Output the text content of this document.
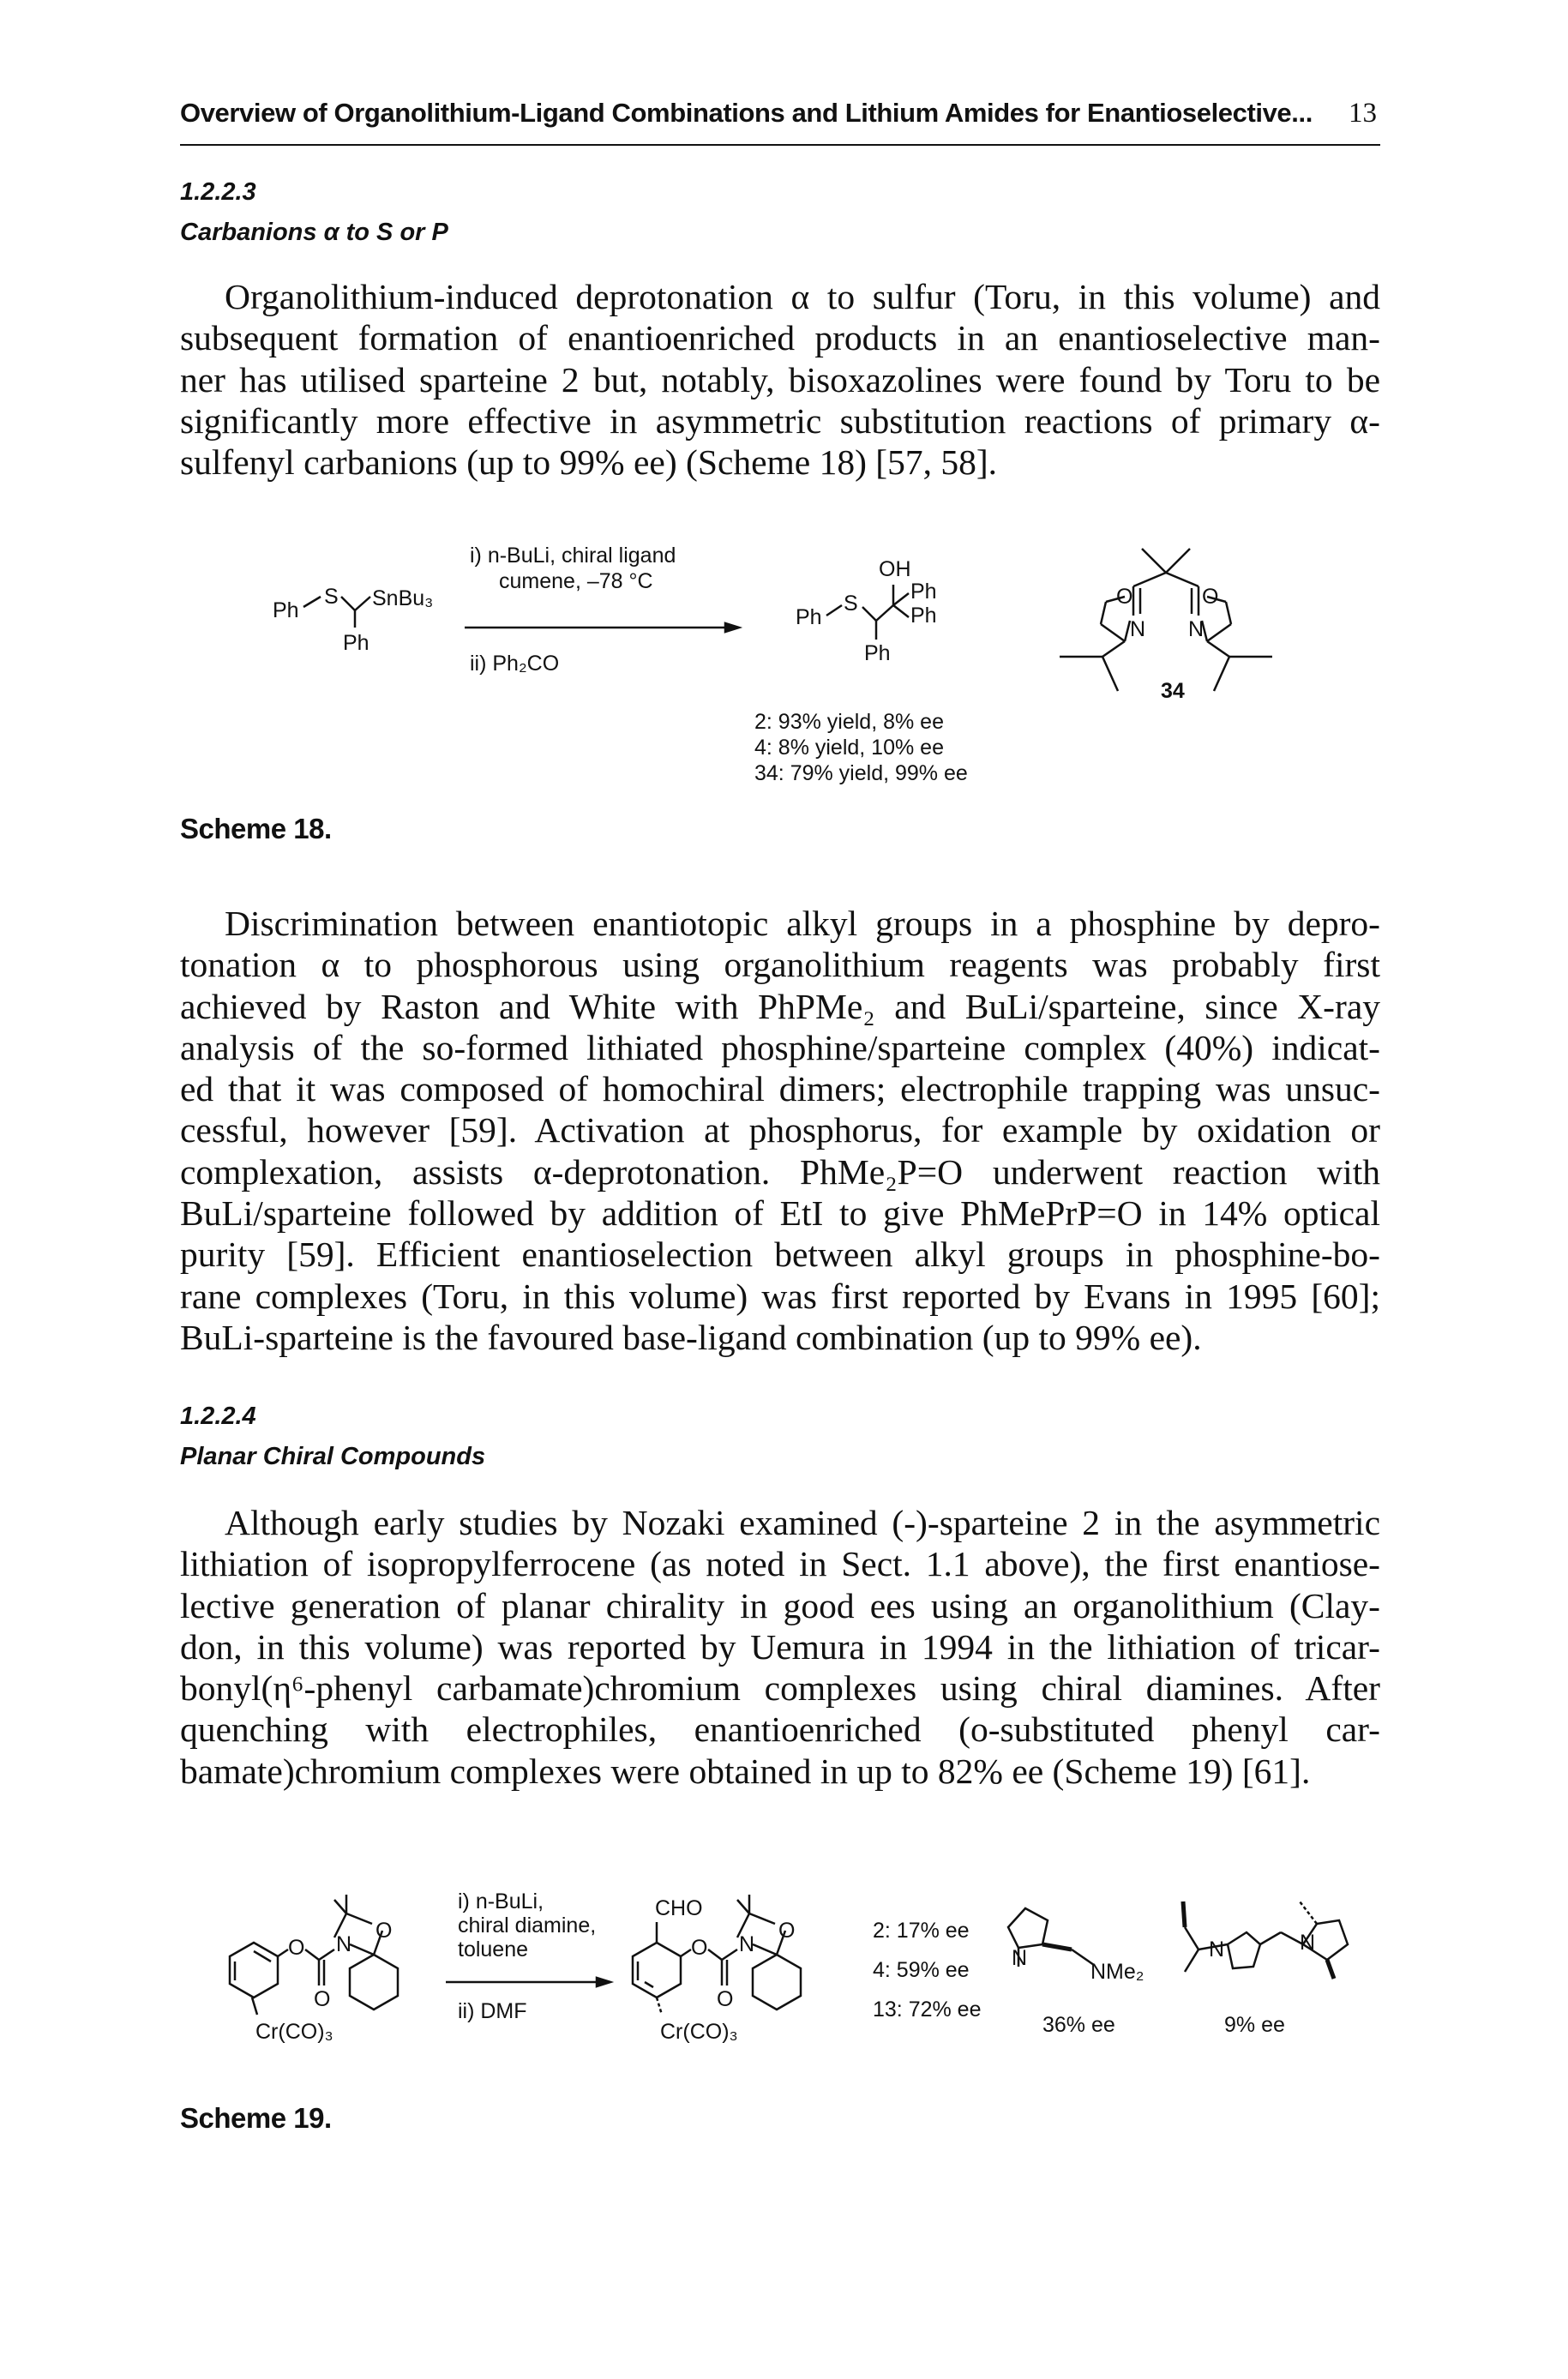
Overview of Organolithium-Ligand Combinations and Lithium Amides for Enantioselective... 13
1.2.2.3
Carbanions α to S or P
Organolithium-induced deprotonation α to sulfur (Toru, in this volume) and
subsequent formation of enantioenriched products in an enantioselective man-
ner has utilised sparteine 2 but, notably, bisoxazolines were found by Toru to be
significantly more effective in asymmetric substitution reactions of primary α-
sulfenyl carbanions (up to 99% ee) (Scheme 18) [57, 58].
Ph
S SnBu₃
Ph
i) n-BuLi, chiral ligand
cumene, –78 °C
ii) Ph₂CO
OH
S
Ph
Ph
Ph
Ph
2: 93% yield, 8% ee
4: 8% yield, 10% ee
34: 79% yield, 99% ee
O	O
N N
34
Scheme 18.
Discrimination between enantiotopic alkyl groups in a phosphine by depro-
tonation α to phosphorous using organolithium reagents was probably first
achieved by Raston and White with PhPMe₂ and BuLi/sparteine, since X-ray
analysis of the so-formed lithiated phosphine/sparteine complex (40%) indicat-
ed that it was composed of homochiral dimers; electrophile trapping was unsuc-
cessful, however [59]. Activation at phosphorus, for example by oxidation or
complexation, assists α-deprotonation. PhMe₂P=O underwent reaction with
BuLi/sparteine followed by addition of EtI to give PhMePrP=O in 14% optical
purity [59]. Efficient enantioselection between alkyl groups in phosphine-bo-
rane complexes (Toru, in this volume) was first reported by Evans in 1995 [60];
BuLi-sparteine is the favoured base-ligand combination (up to 99% ee).
1.2.2.4
Planar Chiral Compounds
Although early studies by Nozaki examined (-)-sparteine 2 in the asymmetric
lithiation of isopropylferrocene (as noted in Sect. 1.1 above), the first enantiose-
lective generation of planar chirality in good ees using an organolithium (Clay-
don, in this volume) was reported by Uemura in 1994 in the lithiation of tricar-
bonyl(η⁶-phenyl carbamate)chromium complexes using chiral diamines. After
quenching with electrophiles, enantioenriched (o-substituted phenyl car-
bamate)chromium complexes were obtained in up to 82% ee (Scheme 19) [61].
O
O
N
O
Cr(CO)₃
i) n-BuLi,
chiral diamine,
toluene
ii) DMF
CHO
O
O
N
O
Cr(CO)₃
2: 17% ee
4: 59% ee
13: 72% ee
N
NMe₂
36% ee
N	N
9% ee
Scheme 19.
